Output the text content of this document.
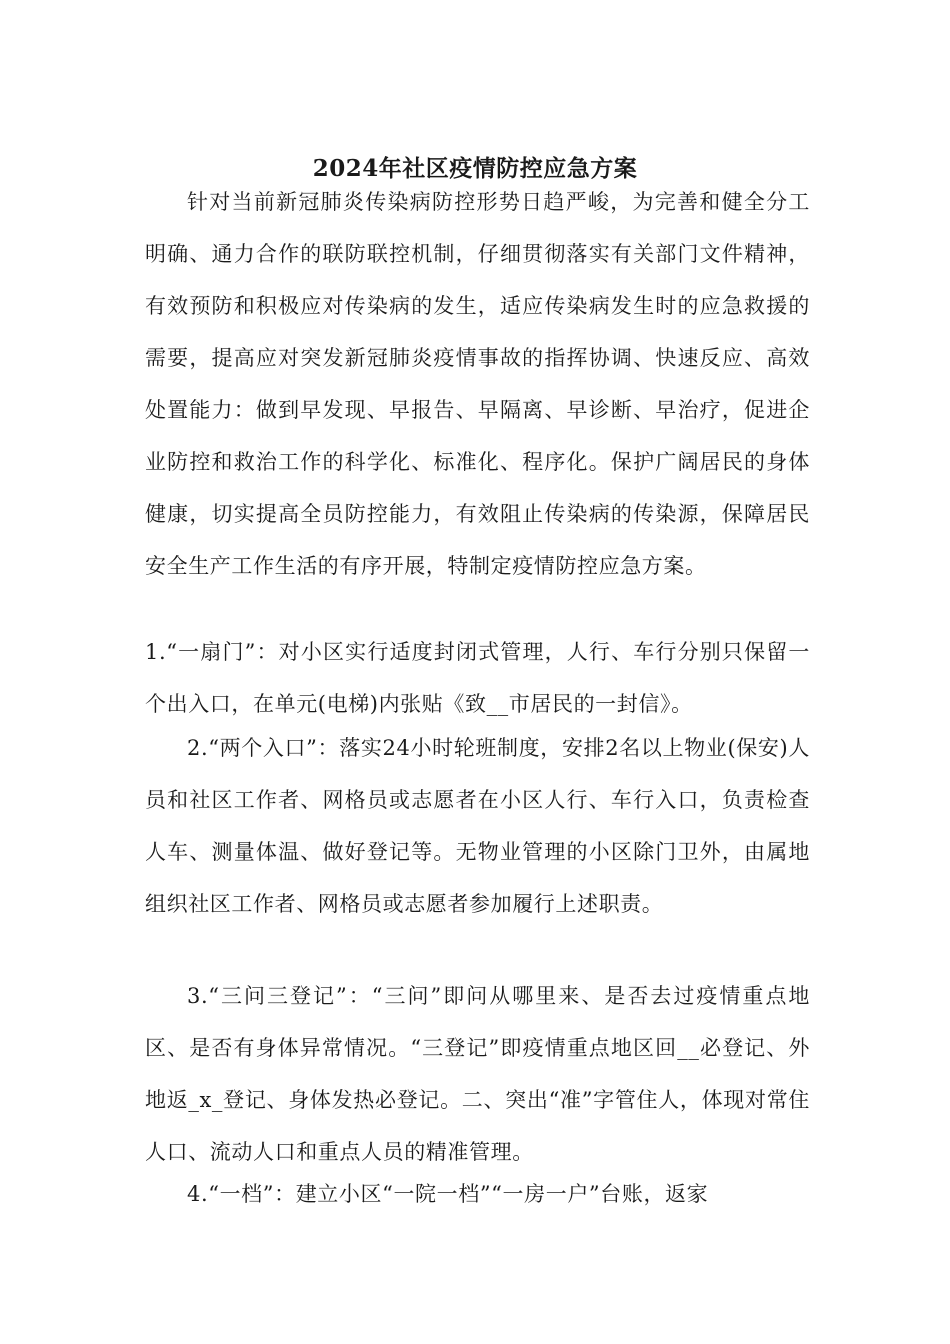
2024年社区疫情防控应急方案

针对当前新冠肺炎传染病防控形势日趋严峻，为完善和健全分工明确、通力合作的联防联控机制，仔细贯彻落实有关部门文件精神，有效预防和积极应对传染病的发生，适应传染病发生时的应急救援的需要，提高应对突发新冠肺炎疫情事故的指挥协调、快速反应、高效处置能力：做到早发现、早报告、早隔离、早诊断、早治疗，促进企业防控和救治工作的科学化、标准化、程序化。保护广阔居民的身体健康，切实提高全员防控能力，有效阻止传染病的传染源，保障居民安全生产工作生活的有序开展，特制定疫情防控应急方案。

1.“一扇门”：对小区实行适度封闭式管理，人行、车行分别只保留一个出入口，在单元(电梯)内张贴《致__市居民的一封信》。

2.“两个入口”：落实24小时轮班制度，安排2名以上物业(保安)人员和社区工作者、网格员或志愿者在小区人行、车行入口，负责检查人车、测量体温、做好登记等。无物业管理的小区除门卫外，由属地组织社区工作者、网格员或志愿者参加履行上述职责。

3.“三问三登记”：“三问”即问从哪里来、是否去过疫情重点地区、是否有身体异常情况。“三登记”即疫情重点地区回__必登记、外地返_x_登记、身体发热必登记。二、突出“准”字管住人，体现对常住人口、流动人口和重点人员的精准管理。

4.“一档”：建立小区“一院一档”“一房一户”台账，返家
